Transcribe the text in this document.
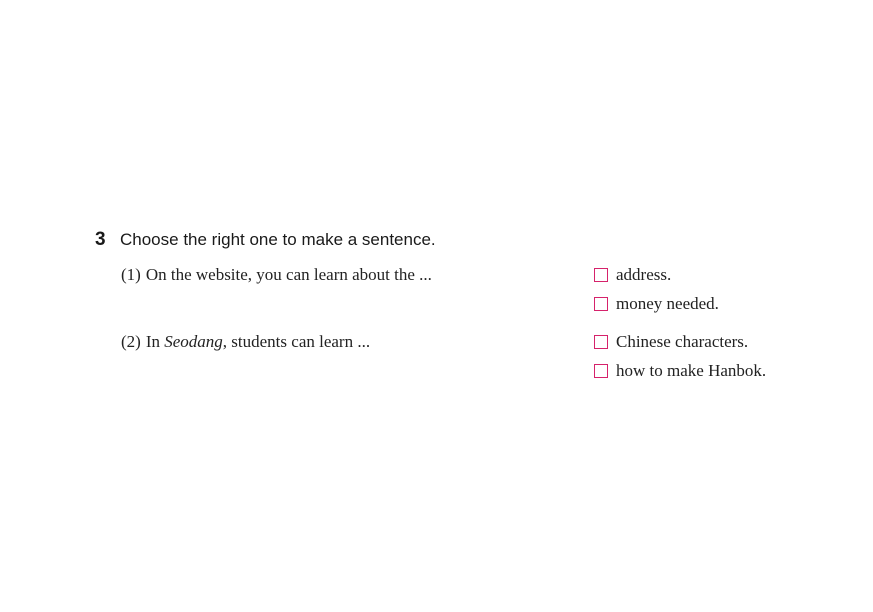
3 Choose the right one to make a sentence.
(1) On the website, you can learn about the ...	address.
money needed.
(2) In Seodang, students can learn ...	Chinese characters.
how to make Hanbok.
